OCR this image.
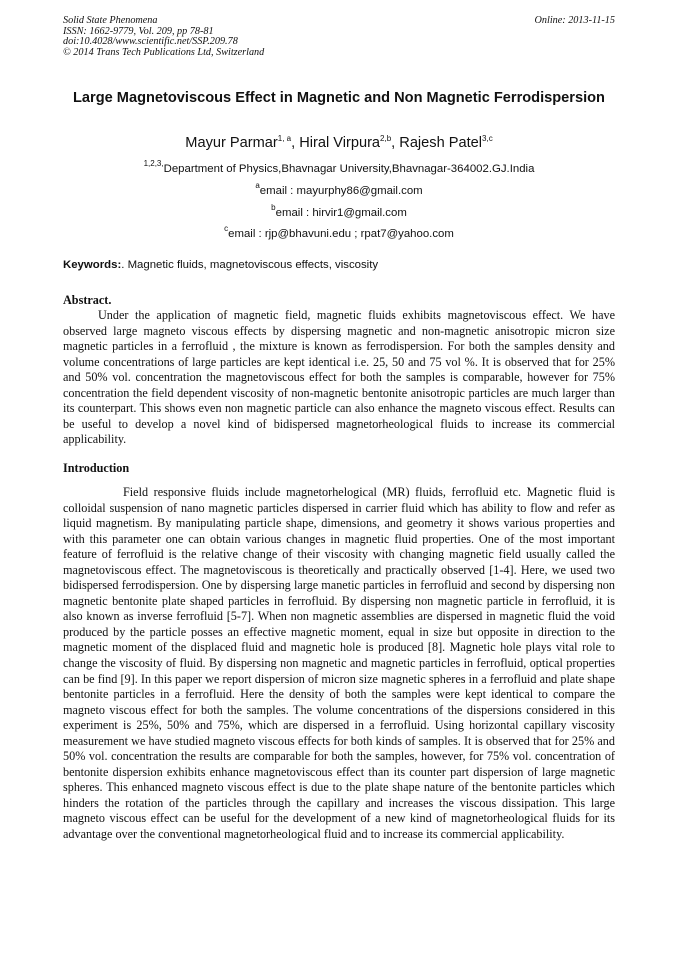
Solid State Phenomena
ISSN: 1662-9779, Vol. 209, pp 78-81
doi:10.4028/www.scientific.net/SSP.209.78
© 2014 Trans Tech Publications Ltd, Switzerland
Online: 2013-11-15
Large Magnetoviscous Effect in Magnetic and Non Magnetic Ferrodispersion
Mayur Parmar$^{1, a}$, Hiral Virpura$^{2,b}$, Rajesh Patel$^{3,c}$
$^{1,2,3,}$Department of Physics,Bhavnagar University,Bhavnagar-364002.GJ.India
$^a$email : mayurphy86@gmail.com
$^b$email : hirvir1@gmail.com
$^c$email : rjp@bhavuni.edu ; rpat7@yahoo.com
Keywords:. Magnetic fluids, magnetoviscous effects, viscosity
Abstract.
Under the application of magnetic field, magnetic fluids exhibits magnetoviscous effect. We have observed large magneto viscous effects by dispersing magnetic and non-magnetic anisotropic micron size magnetic particles in a ferrofluid , the mixture is known as ferrodispersion. For both the samples density and volume concentrations of large particles are kept identical i.e. 25, 50 and 75 vol %. It is observed that for 25% and 50% vol. concentration the magnetoviscous effect for both the samples is comparable, however for 75% concentration the field dependent viscosity of non-magnetic bentonite anisotropic particles are much larger than its counterpart. This shows even non magnetic particle can also enhance the magneto viscous effect. Results can be useful to develop a novel kind of bidispersed magnetorheological fluids to increase its commercial applicability.
Introduction
Field responsive fluids include magnetorhelogical (MR) fluids, ferrofluid etc. Magnetic fluid is colloidal suspension of nano magnetic particles dispersed in carrier fluid which has ability to flow and refer as liquid magnetism. By manipulating particle shape, dimensions, and geometry it shows various properties and with this parameter one can obtain various changes in magnetic fluid properties. One of the most important feature of ferrofluid is the relative change of their viscosity with changing magnetic field usually called the magnetoviscous effect. The magnetoviscous is theoretically and practically observed [1-4]. Here, we used two bidispersed ferrodispersion. One by dispersing large manetic particles in ferrofluid and second by dispersing non magnetic bentonite plate shaped particles in ferrofluid. By dispersing non magnetic particle in ferrofluid, it is also known as inverse ferrofluid [5-7]. When non magnetic assemblies are dispersed in magnetic fluid the void produced by the particle posses an effective magnetic moment, equal in size but opposite in direction to the magnetic moment of the displaced fluid and magnetic hole is produced [8]. Magnetic hole plays vital role to change the viscosity of fluid. By dispersing non magnetic and magnetic particles in ferrofluid, optical properties can be find [9]. In this paper we report dispersion of micron size magnetic spheres in a ferrofluid and plate shape bentonite particles in a ferrofluid. Here the density of both the samples were kept identical to compare the magneto viscous effect for both the samples. The volume concentrations of the dispersions considered in this experiment is 25%, 50% and 75%, which are dispersed in a ferrofluid. Using horizontal capillary viscosity measurement we have studied magneto viscous effects for both kinds of samples. It is observed that for 25% and 50% vol. concentration the results are comparable for both the samples, however, for 75% vol. concentration of bentonite dispersion exhibits enhance magnetoviscous effect than its counter part dispersion of large magnetic spheres. This enhanced magneto viscous effect is due to the plate shape nature of the bentonite particles which hinders the rotation of the particles through the capillary and increases the viscous dissipation. This large magneto viscous effect can be useful for the development of a new kind of magnetorheological fluids for its advantage over the conventional magnetorheological fluid and to increase its commercial applicability.
